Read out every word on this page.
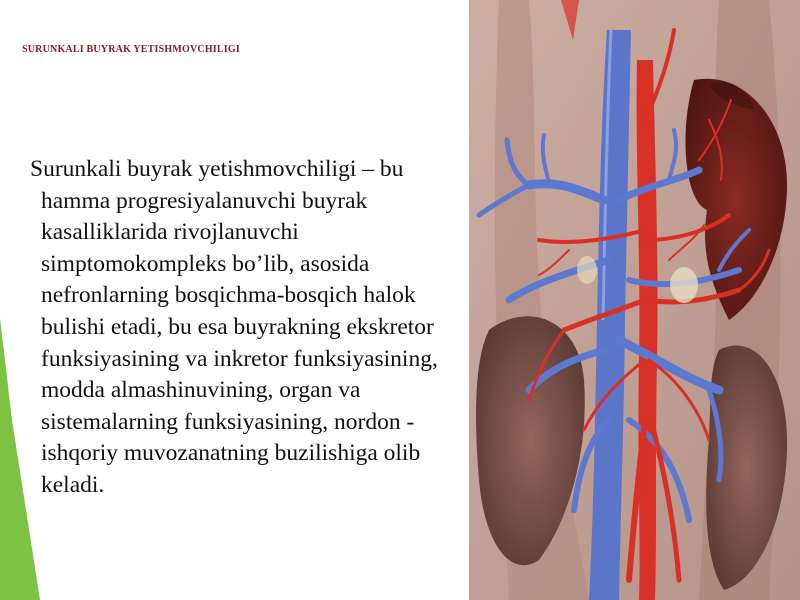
SURUNKALI BUYRAK YETISHMOVCHILIGI
Surunkali buyrak yetishmovchiligi – bu hamma progresiyalanuvchi buyrak kasalliklarida rivojlanuvchi simptomokompleks bo’lib, asosida nefronlarning bosqichma-bosqich halok bulishi etadi, bu esa buyrakning ekskretor funksiyasining va inkretor funksiyasining, modda almashinuvining, organ va sistemalarning funksiyasining, nordon - ishqoriy muvozanatning buzilishiga olib keladi.
